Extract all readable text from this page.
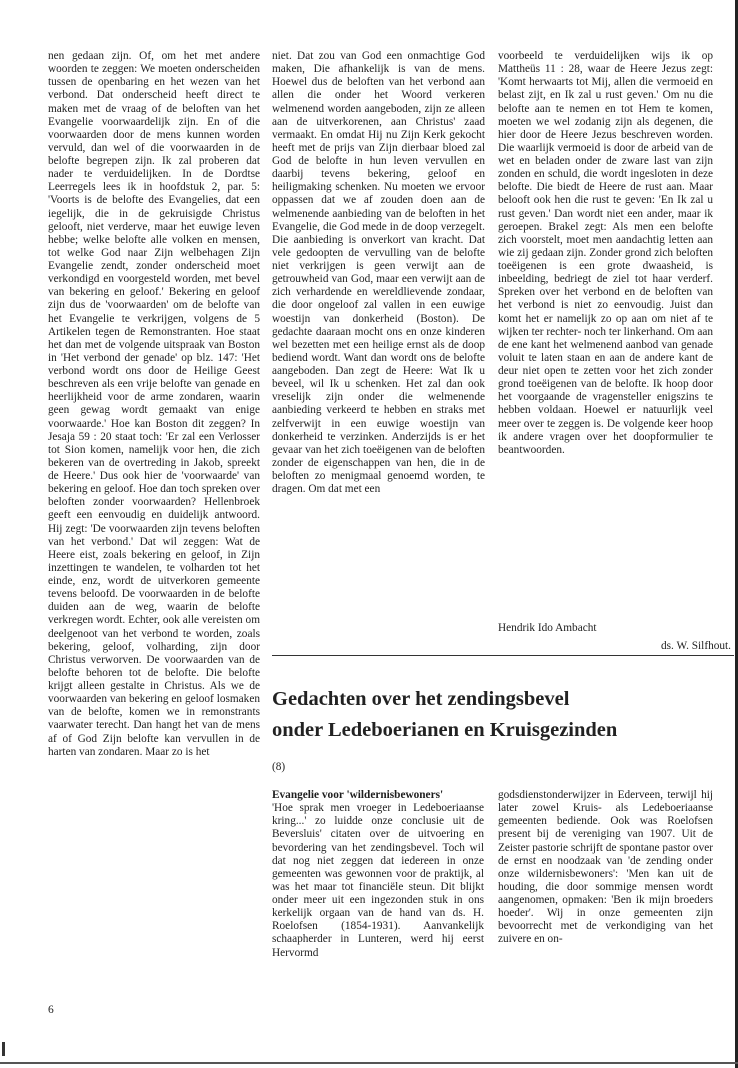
nen gedaan zijn. Of, om het met andere woorden te zeggen: We moeten onderscheiden tussen de openbaring en het wezen van het verbond. Dat onderscheid heeft direct te maken met de vraag of de beloften van het Evangelie voorwaardelijk zijn. En of die voorwaarden door de mens kunnen worden vervuld, dan wel of die voorwaarden in de belofte begrepen zijn. Ik zal proberen dat nader te verduidelijken. In de Dordtse Leerregels lees ik in hoofdstuk 2, par. 5: 'Voorts is de belofte des Evangelies, dat een iegelijk, die in de gekruisigde Christus gelooft, niet verderve, maar het euwige leven hebbe; welke belofte alle volken en mensen, tot welke God naar Zijn welbehagen Zijn Evangelie zendt, zonder onderscheid moet verkondigd en voorgesteld worden, met bevel van bekering en geloof.' Bekering en geloof zijn dus de 'voorwaarden' om de belofte van het Evangelie te verkrijgen, volgens de 5 Artikelen tegen de Remonstranten. Hoe staat het dan met de volgende uitspraak van Boston in 'Het verbond der genade' op blz. 147: 'Het verbond wordt ons door de Heilige Geest beschreven als een vrije belofte van genade en heerlijkheid voor de arme zondaren, waarin geen gewag wordt gemaakt van enige voorwaarde.' Hoe kan Boston dit zeggen? In Jesaja 59 : 20 staat toch: 'Er zal een Verlosser tot Sion komen, namelijk voor hen, die zich bekeren van de overtreding in Jakob, spreekt de Heere.' Dus ook hier de 'voorwaarde' van bekering en geloof. Hoe dan toch spreken over beloften zonder voorwaarden? Hellenbroek geeft een eenvoudig en duidelijk antwoord. Hij zegt: 'De voorwaarden zijn tevens beloften van het verbond.' Dat wil zeggen: Wat de Heere eist, zoals bekering en geloof, in Zijn inzettingen te wandelen, te volharden tot het einde, enz, wordt de uitverkoren gemeente tevens beloofd. De voorwaarden in de belofte duiden aan de weg, waarin de belofte verkregen wordt. Echter, ook alle vereisten om deelgenoot van het verbond te worden, zoals bekering, geloof, volharding, zijn door Christus verworven. De voorwaarden van de belofte behoren tot de belofte. Die belofte krijgt alleen gestalte in Christus. Als we de voorwaarden van bekering en geloof losmaken van de belofte, komen we in remonstrants vaarwater terecht. Dan hangt het van de mens af of God Zijn belofte kan vervullen in de harten van zondaren. Maar zo is het

niet. Dat zou van God een onmachtige God maken, Die afhankelijk is van de mens. Hoewel dus de beloften van het verbond aan allen die onder het Woord verkeren welmenend worden aangeboden, zijn ze alleen aan de uitverkorenen, aan Christus' zaad vermaakt. En omdat Hij nu Zijn Kerk gekocht heeft met de prijs van Zijn dierbaar bloed zal God de belofte in hun leven vervullen en daarbij tevens bekering, geloof en heiligmaking schenken. Nu moeten we ervoor oppassen dat we af zouden doen aan de welmenende aanbieding van de beloften in het Evangelie, die God mede in de doop verzegelt. Die aanbieding is onverkort van kracht. Dat vele gedoopten de vervulling van de belofte niet verkrijgen is geen verwijt aan de getrouwheid van God, maar een verwijt aan de zich verhardende en wereldlievende zondaar, die door ongeloof zal vallen in een euwige woestijn van donkerheid (Boston). De gedachte daaraan mocht ons en onze kinderen wel bezetten met een heilige ernst als de doop bediend wordt. Want dan wordt ons de belofte aangeboden. Dan zegt de Heere: Wat Ik u beveel, wil Ik u schenken. Het zal dan ook vreselijk zijn onder die welmenende aanbieding verkeerd te hebben en straks met zelfverwijt in een euwige woestijn van donkerheid te verzinken. Anderzijds is er het gevaar van het zich toeëigenen van de beloften zonder de eigenschappen van hen, die in de beloften zo menigmaal genoemd worden, te dragen. Om dat met een

voorbeeld te verduidelijken wijs ik op Mattheüs 11 : 28, waar de Heere Jezus zegt: 'Komt herwaarts tot Mij, allen die vermoeid en belast zijt, en Ik zal u rust geven.' Om nu die belofte aan te nemen en tot Hem te komen, moeten we wel zodanig zijn als degenen, die hier door de Heere Jezus beschreven worden. Die waarlijk vermoeid is door de arbeid van de wet en beladen onder de zware last van zijn zonden en schuld, die wordt ingesloten in deze belofte. Die biedt de Heere de rust aan. Maar belooft ook hen die rust te geven: 'En Ik zal u rust geven.' Dan wordt niet een ander, maar ik geroepen. Brakel zegt: Als men een belofte zich voorstelt, moet men aandachtig letten aan wie zij gedaan zijn. Zonder grond zich beloften toeëigenen is een grote dwaasheid, is inbeelding, bedriegt de ziel tot haar verderf. Spreken over het verbond en de beloften van het verbond is niet zo eenvoudig. Juist dan komt het er namelijk zo op aan om niet af te wijken ter rechter- noch ter linkerhand. Om aan de ene kant het welmenend aanbod van genade voluit te laten staan en aan de andere kant de deur niet open te zetten voor het zich zonder grond toeëigenen van de belofte. Ik hoop door het voorgaande de vragensteller enigszins te hebben voldaan. Hoewel er natuurlijk veel meer over te zeggen is. De volgende keer hoop ik andere vragen over het doopformulier te beantwoorden.

Hendrik Ido Ambacht
ds. W. Silfhout.
Gedachten over het zendingsbevel
onder Ledeboerianen en Kruisgezinden
(8)

Evangelie voor 'wildernisbewoners'

'Hoe sprak men vroeger in Ledeboeriaanse kring...' zo luidde onze conclusie uit de Beversluis' citaten over de uitvoering en bevordering van het zendingsbevel. Toch wil dat nog niet zeggen dat iedereen in onze gemeenten was gewonnen voor de praktijk, al was het maar tot financiële steun. Dit blijkt onder meer uit een ingezonden stuk in ons kerkelijk orgaan van de hand van ds. H. Roelofsen (1854-1931). Aanvankelijk schaapherder in Lunteren, werd hij eerst Hervormd

godsdienstonderwijzer in Ederveen, terwijl hij later zowel Kruis- als Ledeboeriaanse gemeenten bediende. Ook was Roelofsen present bij de vereniging van 1907. Uit de Zeister pastorie schrijft de spontane pastor over de ernst en noodzaak van 'de zending onder onze wildernisbewoners': 'Men kan uit de houding, die door sommige mensen wordt aangenomen, opmaken: 'Ben ik mijn broeders hoeder'. Wij in onze gemeenten zijn bevoorrecht met de verkondiging van het zuivere en on-

6
